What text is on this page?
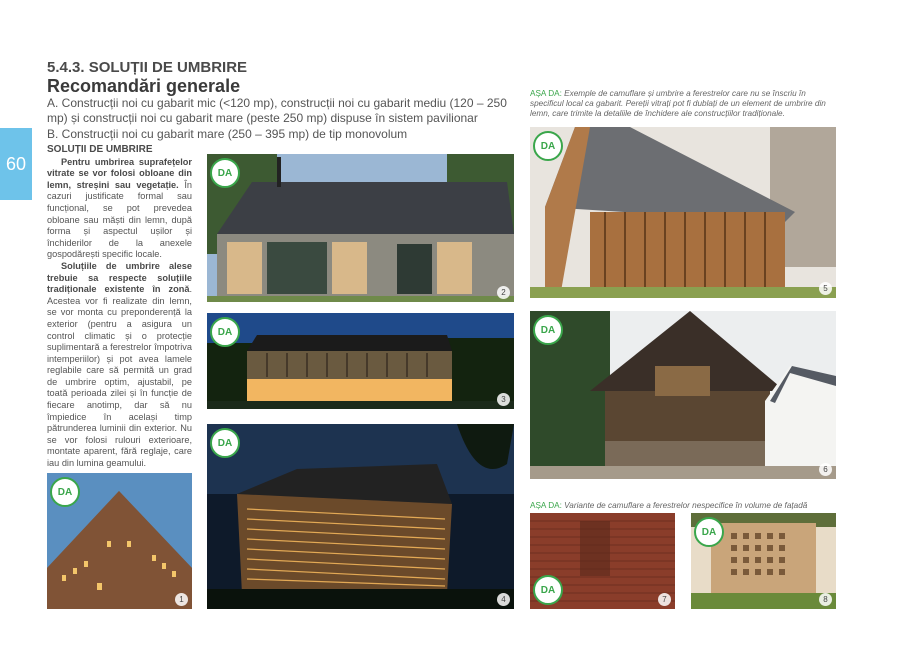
60
5.4.3. SOLUȚII DE UMBRIRE
Recomandări generale
A. Construcții noi cu gabarit mic (<120 mp), construcții noi cu gabarit mediu (120 – 250 mp) și construcții noi cu gabarit mare (peste 250 mp) dispuse în sistem pavilionar
B. Construcții noi cu gabarit mare (250 – 395 mp) de tip monovolum
SOLUȚII DE UMBRIRE

Pentru umbrirea suprafețelor vitrate se vor folosi obloane din lemn, streșini sau vegetație. În cazuri justificate formal sau funcțional, se pot prevedea obloane sau măști din lemn, după forma și aspectul ușilor și închiderilor de la anexele gospodărești specific locale.

Soluțiile de umbrire alese trebuie sa respecte soluțiile tradiționale existente în zonă. Acestea vor fi realizate din lemn, se vor monta cu preponderență la exterior (pentru a asigura un control climatic și o protecție suplimentară a ferestrelor împotriva intemperiilor) și pot avea lamele reglabile care să permită un grad de umbrire optim, ajustabil, pe toată perioada zilei și în funcție de fiecare anotimp, dar să nu împiedice în același timp pătrunderea luminii din exterior. Nu se vor folosi rulouri exterioare, montate aparent, fără reglaje, care iau din lumina geamului.

AȘA DA: Exemple de camuflare și umbrire a ferestrelor care nu se înscriu în specificul local ca gabarit. Pereții vitrați pot fi dublați de un element de umbrire din lemn, care trimite la detaliile de închidere ale construcțiilor tradiționale.
AȘA DA: Variante de camuflare a ferestrelor nespecifice în volume de fațadă
DA
1
DA
2
DA
3
DA
4
DA
5
DA
6
DA
7
DA
8
